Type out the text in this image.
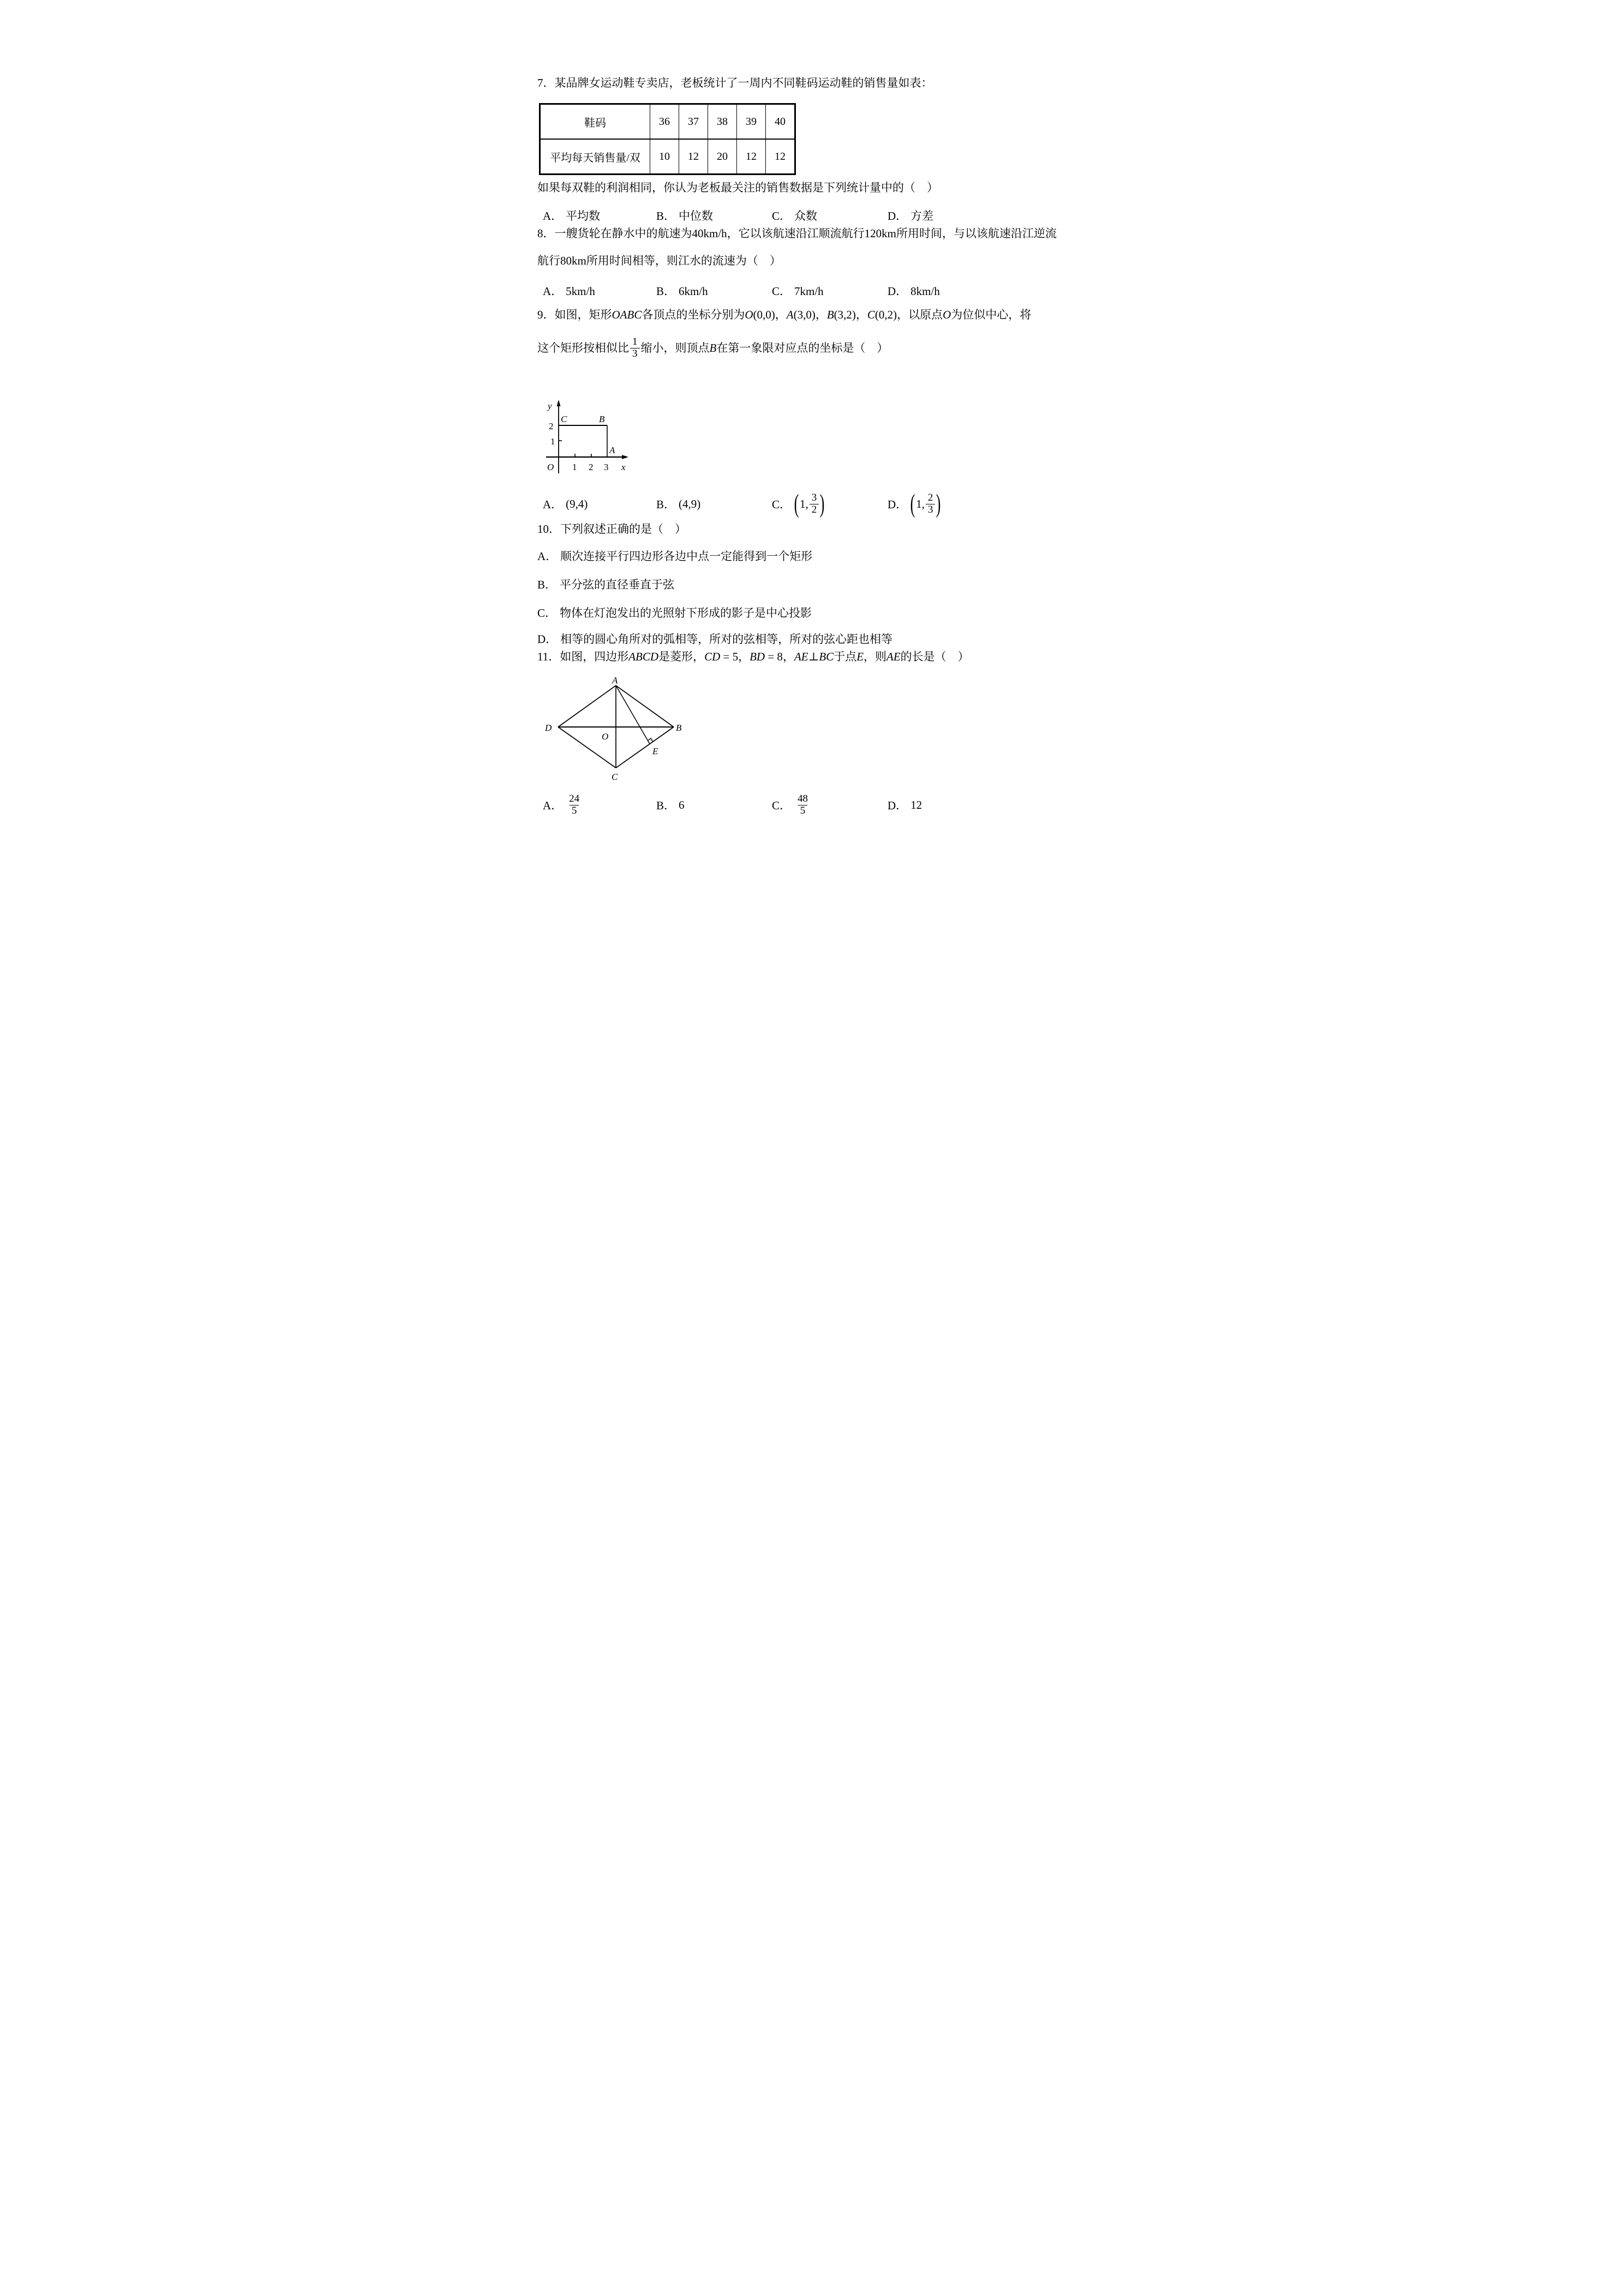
7．某品牌女运动鞋专卖店，老板统计了一周内不同鞋码运动鞋的销售量如表：
鞋码	36	37	38	39	40
平均每天销售量/双	10	12	20	12	12
如果每双鞋的利润相同，你认为老板最关注的销售数据是下列统计量中的（　）
A． 平均数	B． 中位数	C． 众数	D． 方差
8．一艘货轮在静水中的航速为40km/h，它以该航速沿江顺流航行120km所用时间，与以该航速沿江逆流
航行80km所用时间相等，则江水的流速为（　）
A． 5km/h	B． 6km/h	C． 7km/h	D． 8km/h
9．如图，矩形OABC各顶点的坐标分别为O(0,0)，A(3,0)，B(3,2)，C(0,2)，以原点O为位似中心，将
这个矩形按相似比 $\frac{1}{3}$ 缩小，则顶点 B 在第一象限对应点的坐标是（　）
y
x
O
C	B
A
1 2 3
1
2
A． (9,4)	B． (4,9)	C． ( 1, $\frac{3}{2}$ )	D． ( 1, $\frac{2}{3}$ )
10．下列叙述正确的是（　）
A． 顺次连接平行四边形各边中点一定能得到一个矩形
B． 平分弦的直径垂直于弦
C． 物体在灯泡发出的光照射下形成的影子是中心投影
D． 相等的圆心角所对的弧相等，所对的弦相等，所对的弦心距也相等
11．如图，四边形ABCD是菱形，CD = 5，BD = 8，AE⊥BC于点E，则AE的长是（　）
A
D	B
O
E
C
A． $\frac{24}{5}$	B． 6	C． $\frac{48}{5}$	D． 12
